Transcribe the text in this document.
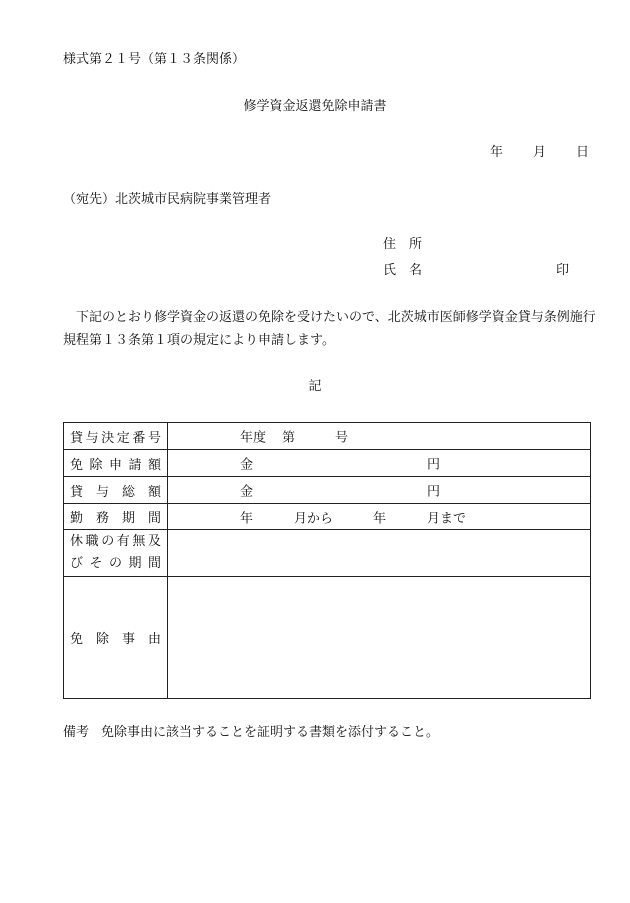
様式第２１号（第１３条関係）
修学資金返還免除申請書
年 月 日
（宛先）北茨城市民病院事業管理者
住　所
氏　名	印
下記のとおり修学資金の返還の免除を受けたいので、北茨城市医師修学資金貸与条例施行規程第１３条第１項の規定により申請します。
記
貸与決定番号	年度 第 号

免除申請額	金 円

貸与総額	金 円

勤務期間	年 月から 年 月まで

休職の有無及
びその期間	

免除事由	
備考 免除事由に該当することを証明する書類を添付すること。
